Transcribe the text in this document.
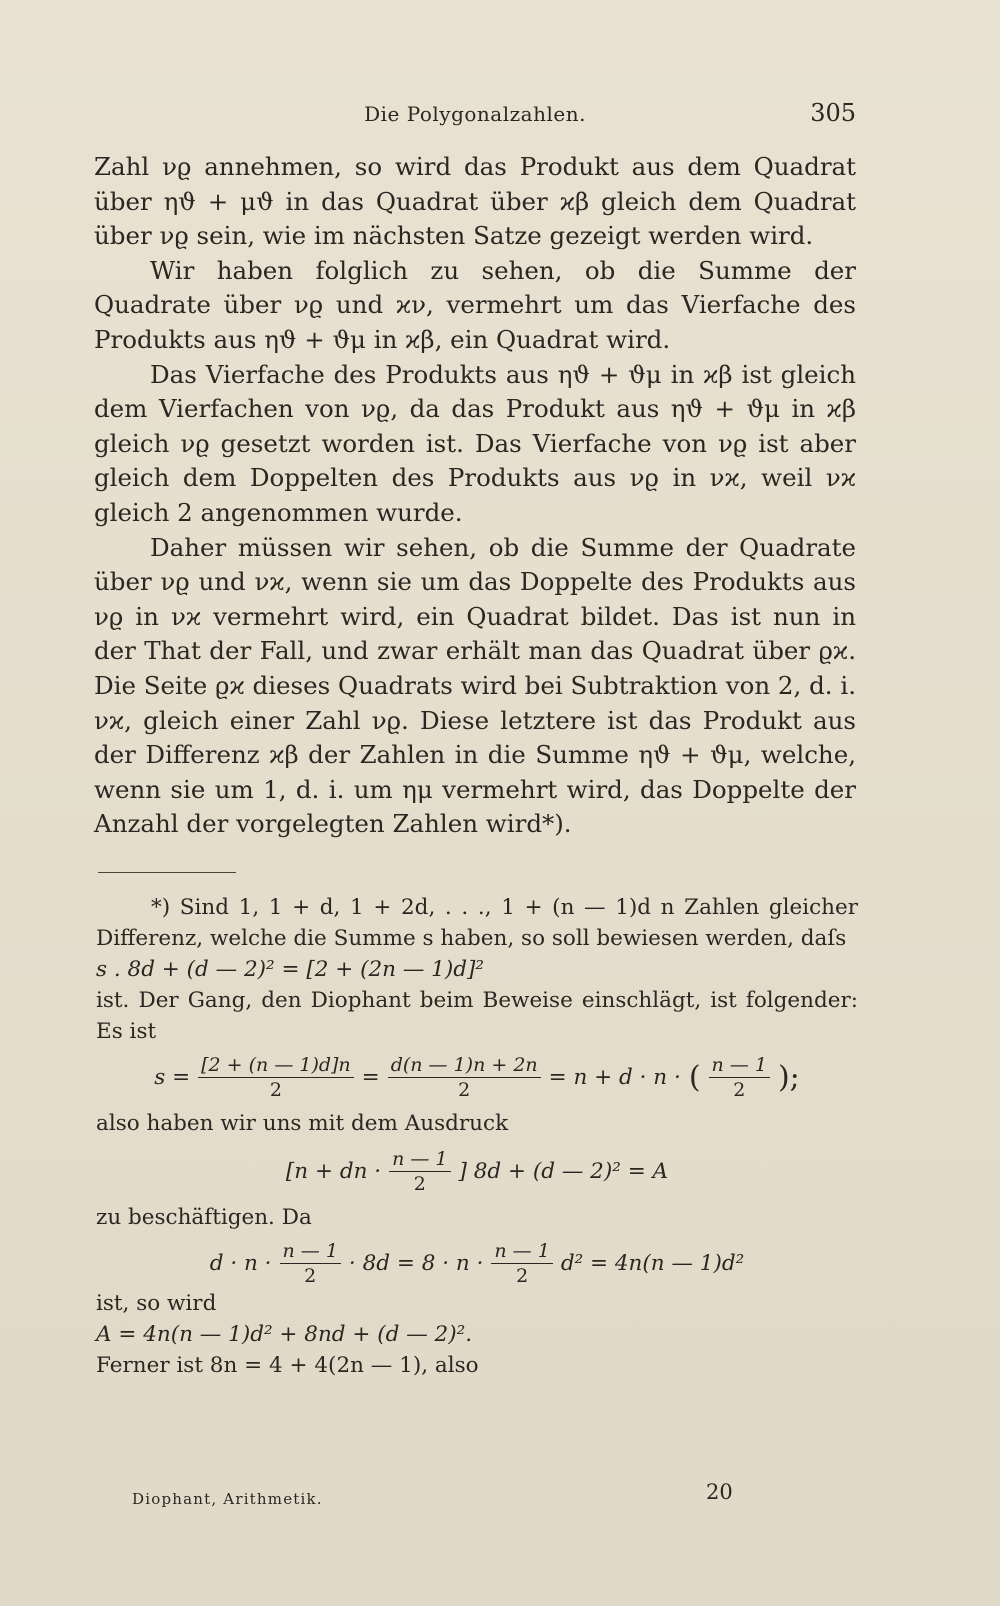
Die Polygonalzahlen.	305

Zahl νϱ annehmen, so wird das Produkt aus dem Quadrat über ηϑ + μϑ in das Quadrat über ϰβ gleich dem Quadrat über νϱ sein, wie im nächsten Satze gezeigt werden wird.

Wir haben folglich zu sehen, ob die Summe der Quadrate über νϱ und ϰν, vermehrt um das Vierfache des Produkts aus ηϑ + ϑμ in ϰβ, ein Quadrat wird.

Das Vierfache des Produkts aus ηϑ + ϑμ in ϰβ ist gleich dem Vierfachen von νϱ, da das Produkt aus ηϑ + ϑμ in ϰβ gleich νϱ gesetzt worden ist. Das Vierfache von νϱ ist aber gleich dem Doppelten des Produkts aus νϱ in νϰ, weil νϰ gleich 2 angenommen wurde.

Daher müssen wir sehen, ob die Summe der Quadrate über νϱ und νϰ, wenn sie um das Doppelte des Produkts aus νϱ in νϰ vermehrt wird, ein Quadrat bildet. Das ist nun in der That der Fall, und zwar erhält man das Quadrat über ϱϰ. Die Seite ϱϰ dieses Quadrats wird bei Subtraktion von 2, d. i. νϰ, gleich einer Zahl νϱ. Diese letztere ist das Produkt aus der Differenz ϰβ der Zahlen in die Summe ηϑ + ϑμ, welche, wenn sie um 1, d. i. um ημ vermehrt wird, das Doppelte der Anzahl der vorgelegten Zahlen wird*).

*) Sind 1, 1 + d, 1 + 2d, . . ., 1 + (n — 1)d n Zahlen gleicher Differenz, welche die Summe s haben, so soll bewiesen werden, daſs

s . 8d + (d — 2)² = [2 + (2n — 1)d]²

ist. Der Gang, den Diophant beim Beweise einschlägt, ist folgender: Es ist

$s = \frac{[2 + (n — 1)d]n}{2} = \frac{d(n — 1)n + 2n}{2} = n + d \cdot n$ · ( $\frac{n — 1}{2}$ );

also haben wir uns mit dem Ausdruck

[n + dn · $\frac{n — 1}{2}$ ] 8d + (d — 2)² = A

zu beschäftigen. Da

$d \cdot n \cdot \frac{n — 1}{2} \cdot 8d = 8 \cdot n \cdot \frac{n — 1}{2} d^2 = 4n(n$ — 1)d²

ist, so wird

A = 4n(n — 1)d² + 8nd + (d — 2)².

Ferner ist 8n = 4 + 4(2n — 1), also

Diophant, Arithmetik.	20
